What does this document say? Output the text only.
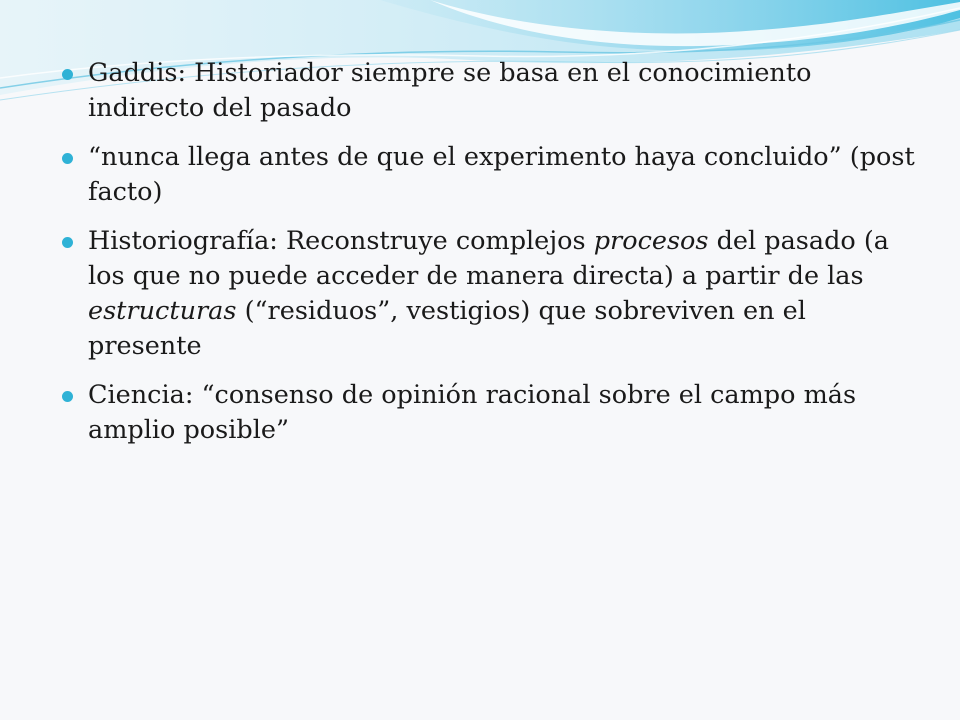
Gaddis: Historiador siempre se basa en el conocimiento indirecto del pasado
“nunca llega antes de que el experimento haya concluido” (post facto)
Historiografía: Reconstruye complejos procesos del pasado (a los que no puede acceder de manera directa) a partir de las estructuras (“residuos”, vestigios) que sobreviven en el presente
Ciencia: “consenso de opinión racional sobre el campo más amplio posible”
